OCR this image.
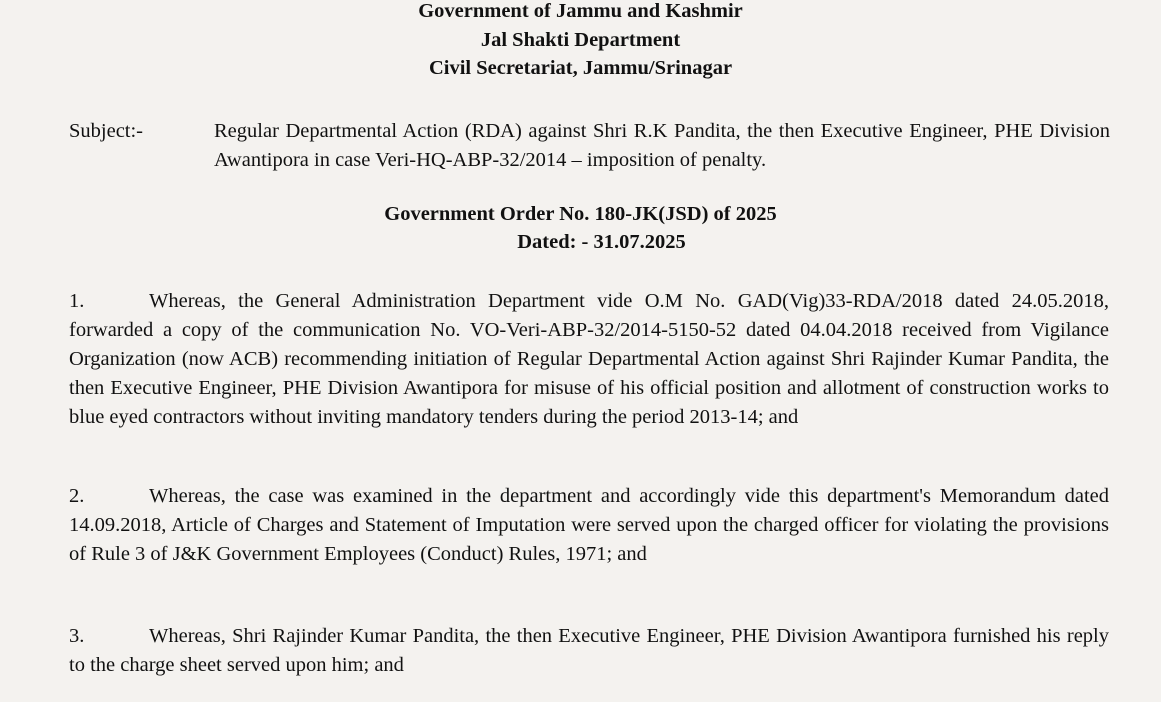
Government of Jammu and Kashmir
Jal Shakti Department
Civil Secretariat, Jammu/Srinagar
Subject:-	Regular Departmental Action (RDA) against Shri R.K Pandita, the then Executive Engineer, PHE Division Awantipora in case Veri-HQ-ABP-32/2014 – imposition of penalty.
Government Order No. 180-JK(JSD) of 2025
Dated: - 31.07.2025
1.	Whereas, the General Administration Department vide O.M No. GAD(Vig)33-RDA/2018 dated 24.05.2018, forwarded a copy of the communication No. VO-Veri-ABP-32/2014-5150-52 dated 04.04.2018 received from Vigilance Organization (now ACB) recommending initiation of Regular Departmental Action against Shri Rajinder Kumar Pandita, the then Executive Engineer, PHE Division Awantipora for misuse of his official position and allotment of construction works to blue eyed contractors without inviting mandatory tenders during the period 2013-14; and
2.	Whereas, the case was examined in the department and accordingly vide this department's Memorandum dated 14.09.2018, Article of Charges and Statement of Imputation were served upon the charged officer for violating the provisions of Rule 3 of J&K Government Employees (Conduct) Rules, 1971; and
3.	Whereas, Shri Rajinder Kumar Pandita, the then Executive Engineer, PHE Division Awantipora furnished his reply to the charge sheet served upon him; and
